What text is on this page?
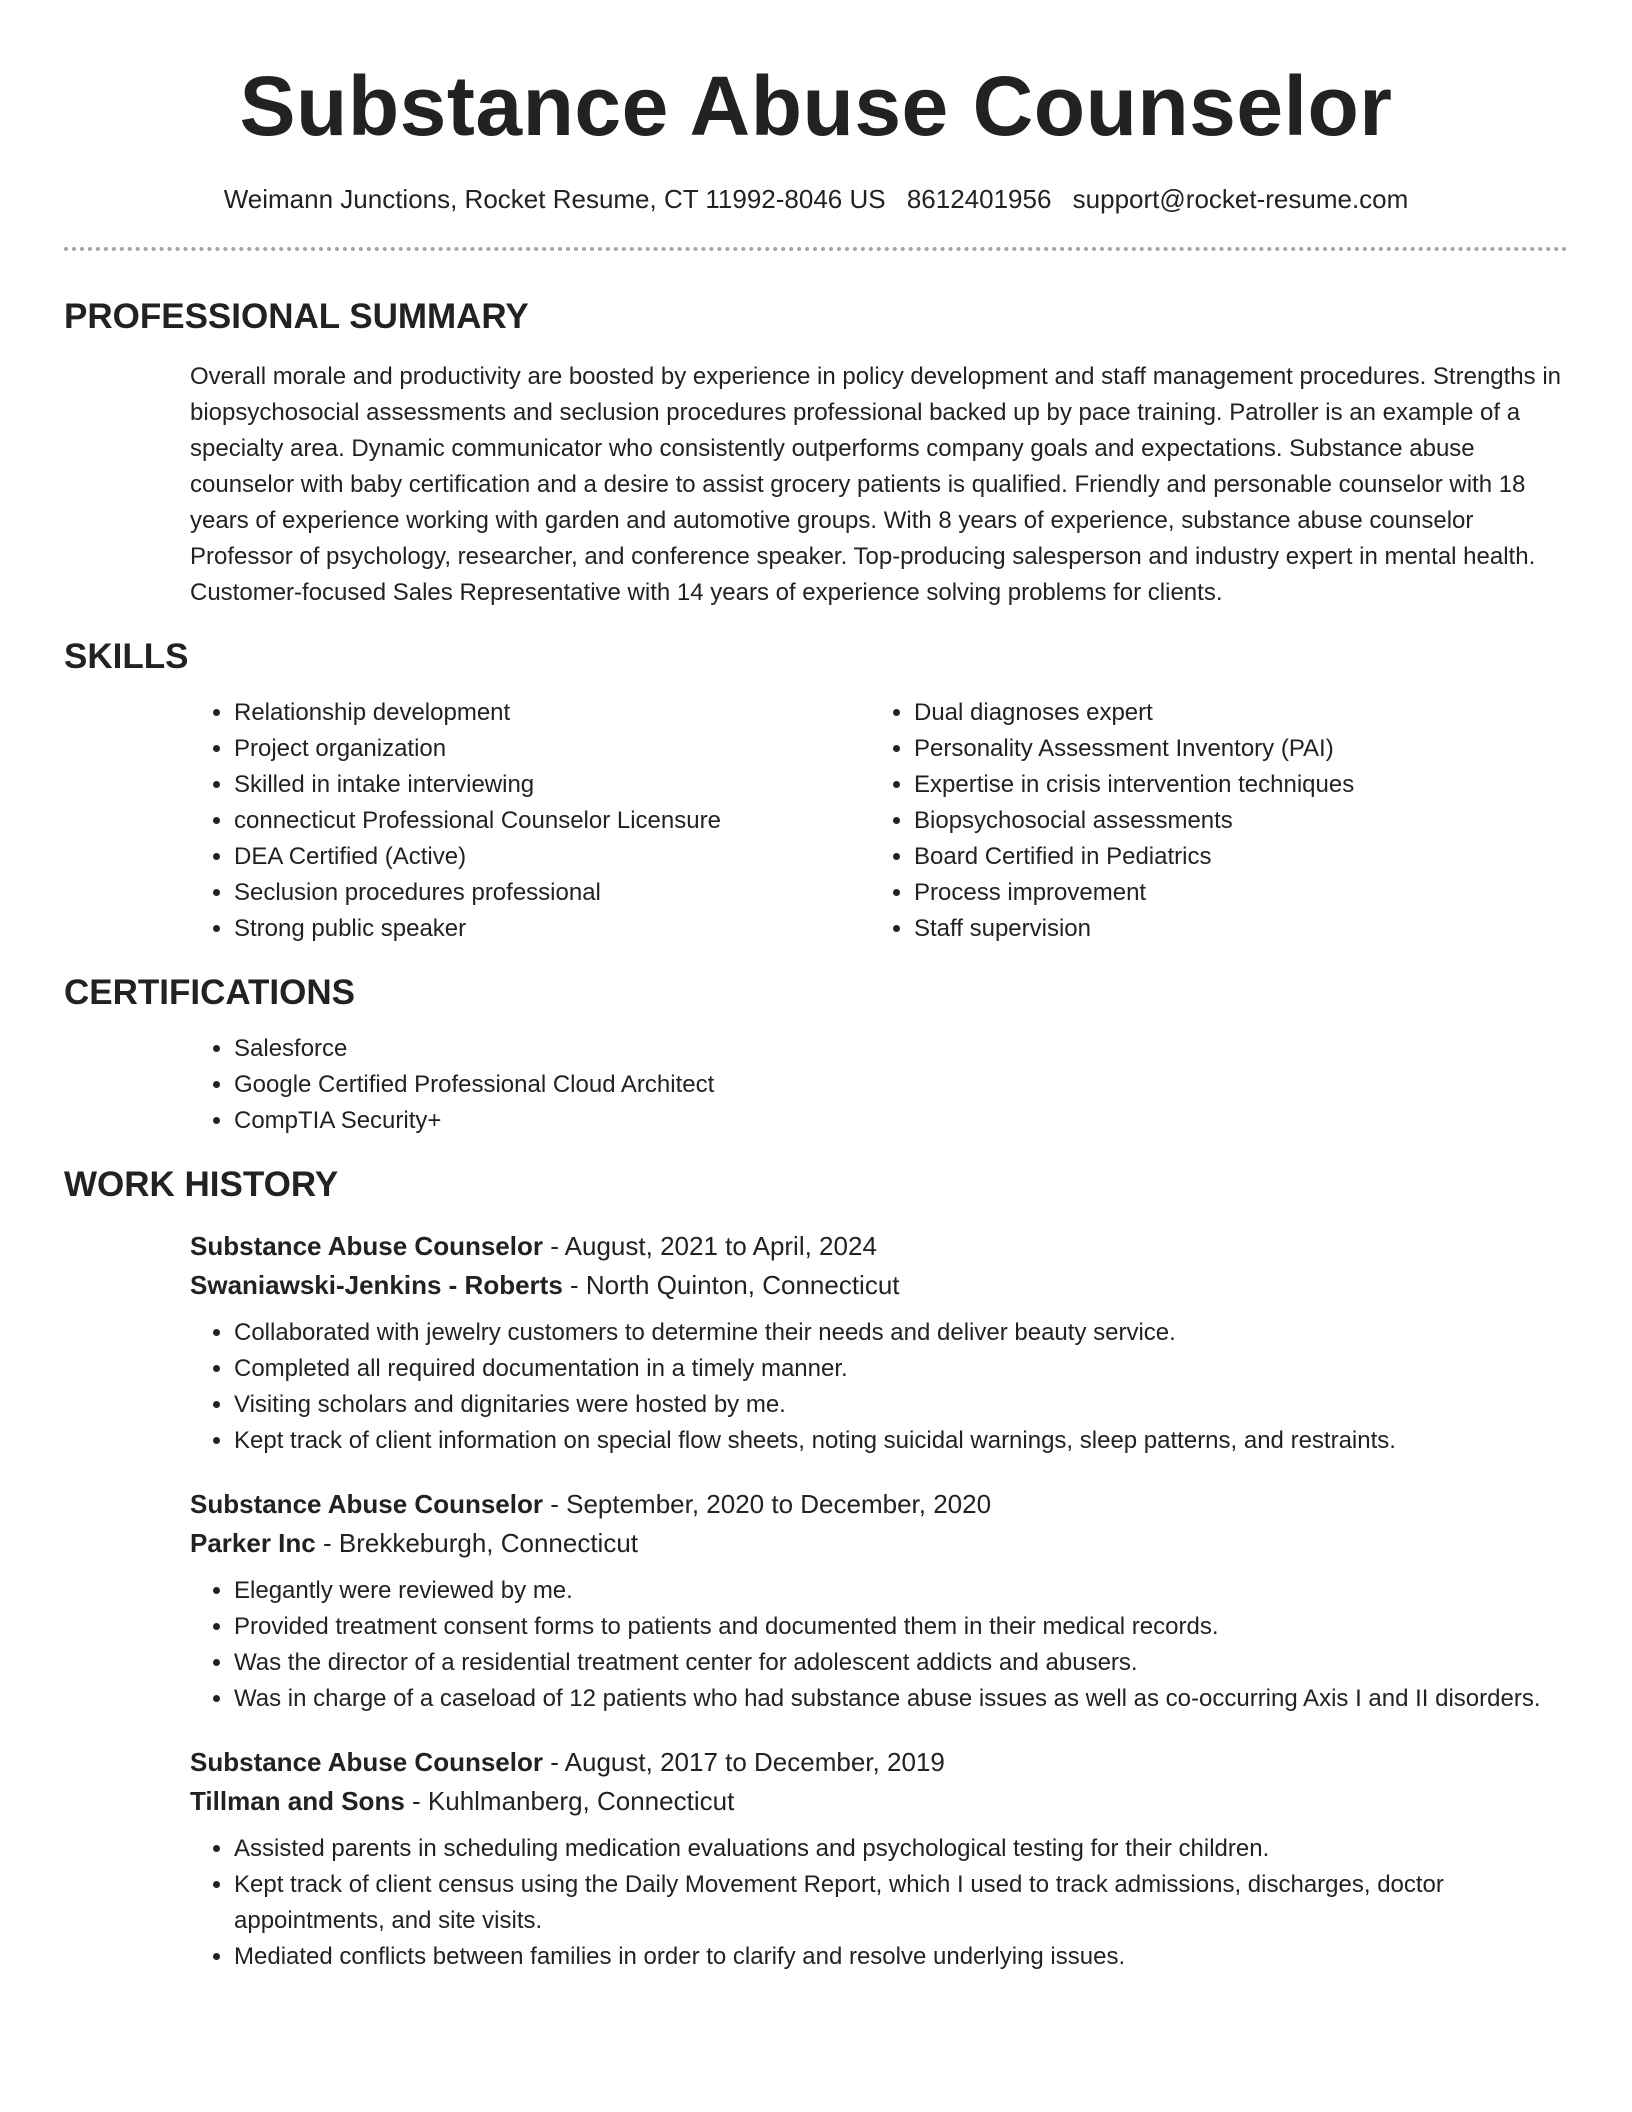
Substance Abuse Counselor
Weimann Junctions, Rocket Resume, CT 11992-8046 US 8612401956 support@rocket-resume.com
PROFESSIONAL SUMMARY
Overall morale and productivity are boosted by experience in policy development and staff management procedures. Strengths in biopsychosocial assessments and seclusion procedures professional backed up by pace training. Patroller is an example of a specialty area. Dynamic communicator who consistently outperforms company goals and expectations. Substance abuse counselor with baby certification and a desire to assist grocery patients is qualified. Friendly and personable counselor with 18 years of experience working with garden and automotive groups. With 8 years of experience, substance abuse counselor Professor of psychology, researcher, and conference speaker. Top-producing salesperson and industry expert in mental health. Customer-focused Sales Representative with 14 years of experience solving problems for clients.
SKILLS
• Relationship development
• Project organization
• Skilled in intake interviewing
• connecticut Professional Counselor Licensure
• DEA Certified (Active)
• Seclusion procedures professional
• Strong public speaker
• Dual diagnoses expert
• Personality Assessment Inventory (PAI)
• Expertise in crisis intervention techniques
• Biopsychosocial assessments
• Board Certified in Pediatrics
• Process improvement
• Staff supervision
CERTIFICATIONS
• Salesforce
• Google Certified Professional Cloud Architect
• CompTIA Security+
WORK HISTORY
Substance Abuse Counselor - August, 2021 to April, 2024
Swaniawski-Jenkins - Roberts - North Quinton, Connecticut
• Collaborated with jewelry customers to determine their needs and deliver beauty service.
• Completed all required documentation in a timely manner.
• Visiting scholars and dignitaries were hosted by me.
• Kept track of client information on special flow sheets, noting suicidal warnings, sleep patterns, and restraints.
Substance Abuse Counselor - September, 2020 to December, 2020
Parker Inc - Brekkeburgh, Connecticut
• Elegantly were reviewed by me.
• Provided treatment consent forms to patients and documented them in their medical records.
• Was the director of a residential treatment center for adolescent addicts and abusers.
• Was in charge of a caseload of 12 patients who had substance abuse issues as well as co-occurring Axis I and II disorders.
Substance Abuse Counselor - August, 2017 to December, 2019
Tillman and Sons - Kuhlmanberg, Connecticut
• Assisted parents in scheduling medication evaluations and psychological testing for their children.
• Kept track of client census using the Daily Movement Report, which I used to track admissions, discharges, doctor appointments, and site visits.
• Mediated conflicts between families in order to clarify and resolve underlying issues.
